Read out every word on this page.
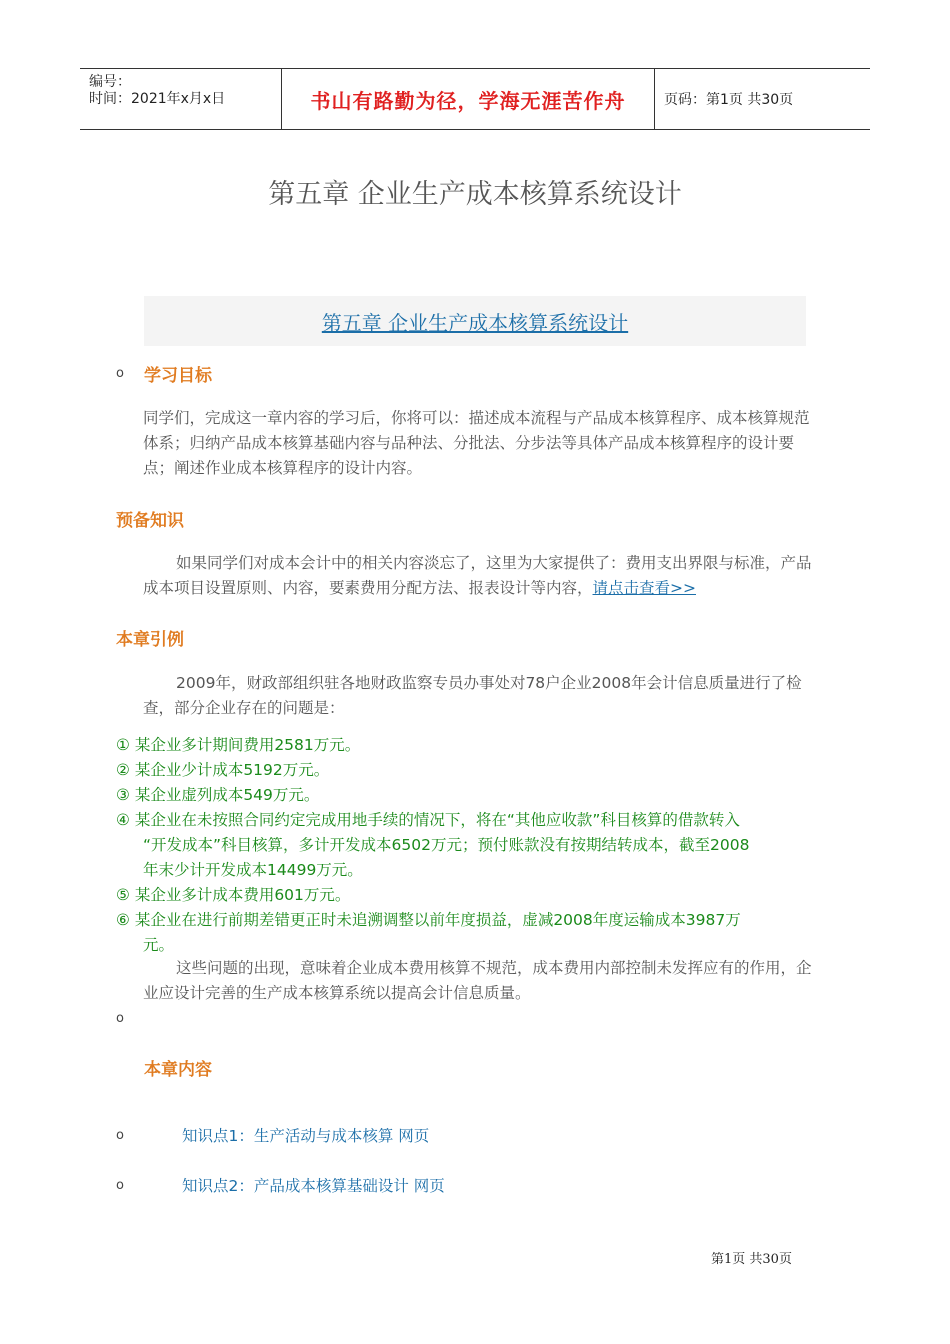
编号：
时间：2021年x月x日	书山有路勤为径，学海无涯苦作舟	页码：第1页 共30页
第五章 企业生产成本核算系统设计
第五章 企业生产成本核算系统设计
o 学习目标
同学们，完成这一章内容的学习后，你将可以：描述成本流程与产品成本核算程序、成本核算规范体系；归纳产品成本核算基础内容与品种法、分批法、分步法等具体产品成本核算程序的设计要点；阐述作业成本核算程序的设计内容。
预备知识
如果同学们对成本会计中的相关内容淡忘了，这里为大家提供了：费用支出界限与标准，产品成本项目设置原则、内容，要素费用分配方法、报表设计等内容，请点击查看>>
本章引例
2009年，财政部组织驻各地财政监察专员办事处对78户企业2008年会计信息质量进行了检查，部分企业存在的问题是：
① 某企业多计期间费用2581万元。
② 某企业少计成本5192万元。
③ 某企业虚列成本549万元。
④ 某企业在未按照合同约定完成用地手续的情况下，将在“其他应收款”科目核算的借款转入
“开发成本”科目核算，多计开发成本6502万元；预付账款没有按期结转成本，截至2008
年末少计开发成本14499万元。
⑤ 某企业多计成本费用601万元。
⑥ 某企业在进行前期差错更正时未追溯调整以前年度损益，虚减2008年度运输成本3987万
元。
这些问题的出现，意味着企业成本费用核算不规范，成本费用内部控制未发挥应有的作用，企业应设计完善的生产成本核算系统以提高会计信息质量。
o
本章内容
o	知识点1：生产活动与成本核算 网页
o	知识点2：产品成本核算基础设计 网页
第1页 共30页
